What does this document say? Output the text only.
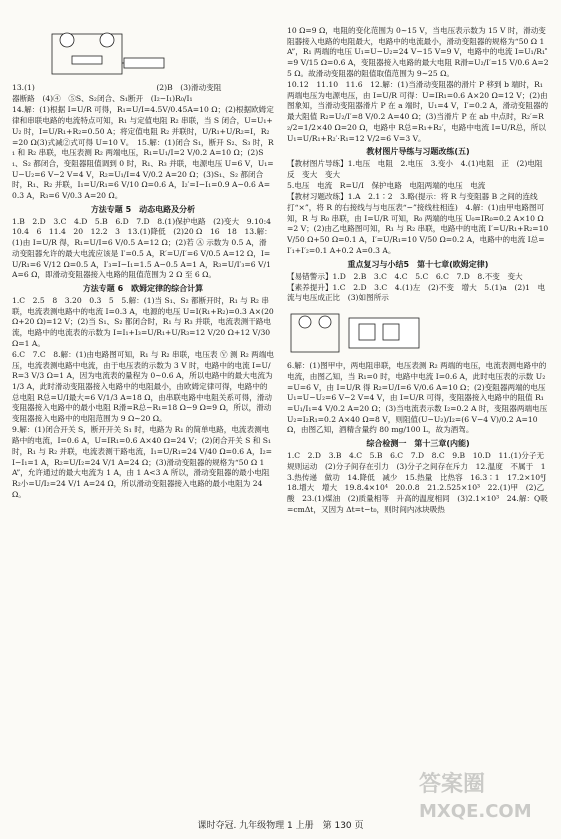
13.(1)　　　　　　　　　　　　　　　　(2)B　(3)滑动变阻

器断路　(4)④　⑤S、S₂闭合、S₁断开　(I₂−I₁)R₀/I₁

14.解：(1)根据 I=U/R 可得，R₁=U/I=4.5V/0.45A=10 Ω；(2)根据欧姆定律和串联电路的电流特点可知，R₁ 与定值电阻 R₂ 串联，当 S 闭合，U=U₁+U₂ 时，I=U/R₁+R₂=0.50 A；将定值电阻 R₂ 并联时，U/R₁+U/R₂=I，R₂=20 Ω(3)式减②式可得 U=10 V。　15.解：(1)闭合 S₁，断开 S₂、S₃ 时，R₁ 和 R₂ 串联，电压表测 R₂ 两端电压，R₁=U₁/I=2 V/0.2 A=10 Ω；(2)S₁、S₂ 都闭合，变阻器阻值调到 0 时，R₁、R₃ 并联，电源电压 U=6 V，U₁=U−U₂=6 V−2 V=4 V，R₂=U₁/I=4 V/0.2 A=20 Ω；(3)S₁、S₂ 都闭合时，R₁、R₂ 并联，I₁=U/R₁=6 V/10 Ω=0.6 A，I₂′=I−I₁=0.9 A−0.6 A=0.3 A，R₃=6 V/0.3 A=20 Ω。

方法专题 5　动态电路及分析

1.B　2.D　3.C　4.D　5.B　6.D　7.D　8.(1)保护电路　(2)变大　9.10:4　10.4　6　11.4　20　12.2　3　13.(1)降低　(2)20 Ω　16　18　13.解：(1)由 I=U/R 得，R₁=U/I=6 V/0.5 A=12 Ω；(2)若 Ⓐ 示数为 0.5 A，滑动变阻器允许的最大电流应该是 I′=0.5 A，R′=U/I′=6 V/0.5 A=12 Ω，I=U/R₁=6 V/12 Ω=0.5 A，I′₃=I−I₁=1.5 A−0.5 A=1 A，R₃=U/I′₃=6 V/1 A=6 Ω，即滑动变阻器接入电路的阻值范围为 2 Ω 至 6 Ω。

方法专题 6　欧姆定律的综合计算

1.C　2.5　8　3.20　0.3　5　5.解：(1)当 S₁、S₂ 都断开时，R₁ 与 R₂ 串联，电流表测电路中的电流 I=0.3 A，电源的电压 U=I(R₁+R₂)=0.3 A×(20 Ω+20 Ω)=12 V；(2)当 S₁、S₂ 都闭合时，R₁ 与 R₃ 并联，电流表测干路电流，电路中的电流表的示数为 I=I₁+I₃=U/R₁+U/R₃=12 V/20 Ω+12 V/30 Ω=1 A。

6.C　7.C　8.解：(1)由电路图可知，R₁ 与 R₂ 串联，电压表 Ⓥ 测 R₂ 两端电压，电流表测电路中电流，由于电压表的示数为 3 V 时，电路中的电流 I=U/R=3 V/3 Ω=1 A，因为电流表的量程为 0∼0.6 A，所以电路中的最大电流为 1/3 A，此时滑动变阻器接入电路中的电阻最小，由欧姆定律可得，电路中的总电阻 R总=U/I最大=6 V/1/3 A=18 Ω，由串联电路中电阻关系可得，滑动变阻器接入电路中的最小电阻 R滑=R总−R₁=18 Ω−9 Ω=9 Ω，所以，滑动变阻器接入电路中的电阻范围为 9 Ω∼20 Ω。

9.解：(1)闭合开关 S，断开开关 S₁ 时，电路为 R₁ 的简单电路，电流表测电路中的电流，I=0.6 A，U=IR₁=0.6 A×40 Ω=24 V；(2)闭合开关 S 和 S₁ 时，R₁ 与 R₂ 并联，电流表测干路电流，I₁=U/R₁=24 V/40 Ω=0.6 A，I₂=I−I₁=1 A，R₂=U/I₂=24 V/1 A=24 Ω；(3)滑动变阻器的规格为“50 Ω 1 A”，允许通过的最大电流为 1 A，由 1 A<3 A 所以，滑动变阻器的最小电阻 R₂小=U/I₂=24 V/1 A=24 Ω，所以滑动变阻器接入电路的最小电阻为 24 Ω。

10 Ω=9 Ω，电阻的变化范围为 0∼15 V，当电压表示数为 15 V 时，滑动变阻器接入电路的电阻最大，电路中的电流最小，滑动变阻器的规格为“50 Ω 1 A”，R₁ 两端的电压 U₁=U−U₂=24 V−15 V=9 V，电路中的电流 I=U₁/R₁=9 V/15 Ω=0.6 A，变阻器接入电路的最大电阻 R滑=U₂/I′=15 V/0.6 A=25 Ω。故滑动变阻器的阻值取值范围为 9∼25 Ω。

10.12　11.10　11.6　12.解：(1)当滑动变阻器的滑片 P 移到 b 端时，R₁ 两端电压为电源电压，由 I=U/R 可得：U=IR₁=0.6 A×20 Ω=12 V；(2)由图象知，当滑动变阻器滑片 P 在 a 端时，U₁=4 V，I′=0.2 A，滑动变阻器的最大阻值 R₂=U₂/I′=8 V/0.2 A=40 Ω；(3)当滑片 P 在 ab 中点时，R₂′=R₂/2=1/2×40 Ω=20 Ω，电路中 R总=R₁+R₂′，电路中电流 I=U/R总，所以 U₁=U/R₁+R₂′·R₁=12 V/2=6 V=3 V。

教材图片导练与习题改练(五)

【教材图片导练】1.电压　电阻　2.电压　3.变小　4.(1)电阻　正　(2)电阻　反　变大　变大

5.电压　电流　R=U/I　保护电路　电阻两端的电压　电流

【教材习题改练】1.A　2.1∶2　3.略(提示：将 R 与变阻器 B 之间的连线打“×”，将 R 的右接线与与电压表“−”接线柱相连)　4.解：(1)由甲电路图可知，R 与 R₀ 串联，由 I=U/R 可知，R₀ 两端的电压 U₀=IR₀=0.2 A×10 Ω=2 V；(2)由乙电路图可知，R₁ 与 R₂ 串联，电路中的电流 I′=U/R₁+R₂=10 V/50 Ω+50 Ω=0.1 A，I′=U/R₁=10 V/50 Ω=0.2 A，电路中的电流 I总=I′₁+I′₂=0.1 A+0.2 A=0.3 A。

重点复习与小结5　第十七章(欧姆定律)

【易错警示】1.D　2.B　3.C　4.C　5.C　6.C　7.D　8.不变　变大

【素养提升】1.C　2.D　3.C　4.(1)左　(2)不变　增大　5.(1)a　(2)1　电流与电压成正比　(3)如图所示

6.解：(1)图甲中，两电阻串联，电压表测 R₂ 两端的电压，电流表测电路中的电流，由图乙知，当 R₁=0 时，电路中电流 I=0.6 A，此时电压表的示数 U₂=U=6 V，由 I=U/R 得 R₂=U/I=6 V/0.6 A=10 Ω；(2)变阻器两端的电压 U₁=U−U₂=6 V−2 V=4 V，由 I=U/R 可得，变阻器接入电路中的阻值 R₁=U₁/I₁=4 V/0.2 A=20 Ω；(3)当电流表示数 I₂=0.2 A 时，变阻器两端电压 U₂=I₂R₁=0.2 A×40 Ω=8 V，则阻值(U−U₂)/I₂=(6 V−4 V)/0.2 A=10 Ω，由图乙知，酒精含量约 80 mg/100 L，故为酒驾。

综合检测一　第十三章(内能)

1.C　2.D　3.B　4.C　5.B　6.C　7.D　8.C　9.B　10.D　11.(1)分子无规则运动　(2)分子间存在引力　(3)分子之间存在斥力　12.温度　不属于　13.热传递　做功　14.降低　减少　15.热量　比热容　16.3∶1　17.2×10⁴J　18.增大　增大　19.8.4×10⁴　20.0.8　21.2.525×10³　22.(1)甲　(2)乙酸　23.(1)煤油　(2)质量相等　升高的温度相同　(3)2.1×10³　24.解：Q吸=cmΔt，又因为 Δt=t−t₀，则时间内冰块吸热

课时夺冠. 九年级物理 1 上册　第 130 页
答案圈
MXQE.COM
